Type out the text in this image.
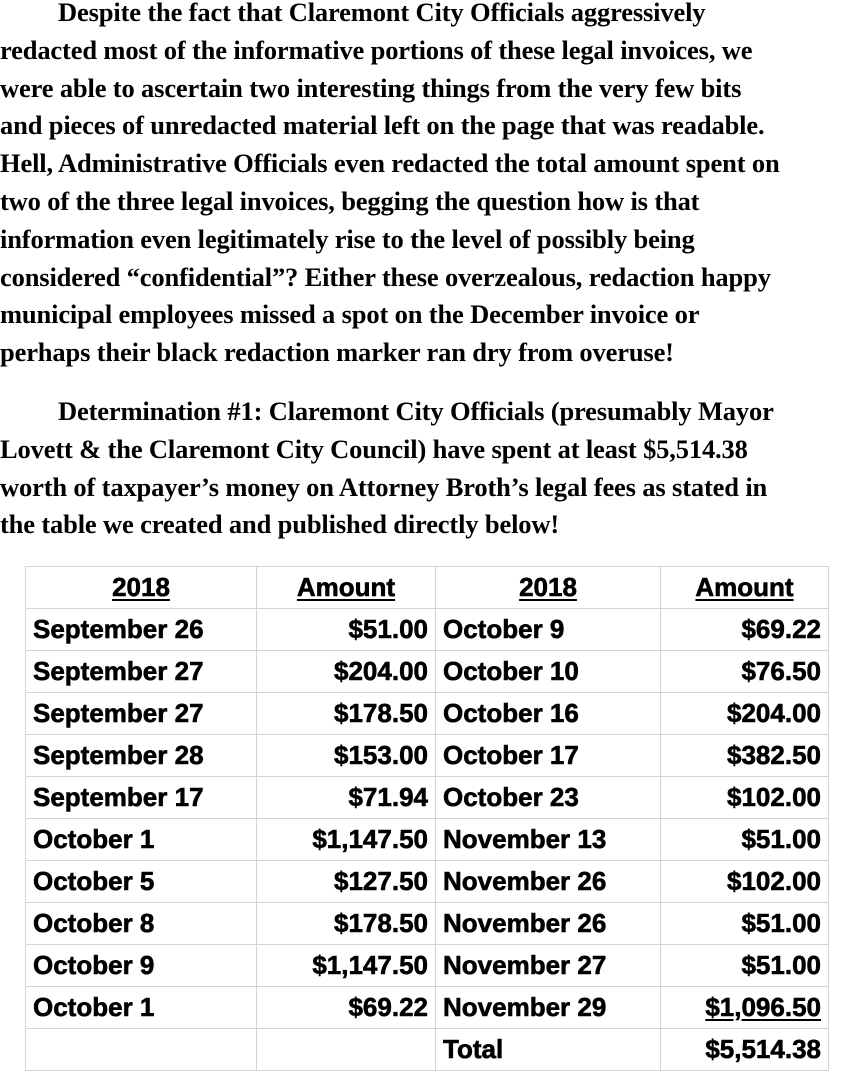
Despite the fact that Claremont City Officials aggressively
redacted most of the informative portions of these legal invoices, we
were able to ascertain two interesting things from the very few bits
and pieces of unredacted material left on the page that was readable.
Hell, Administrative Officials even redacted the total amount spent on
two of the three legal invoices, begging the question how is that
information even legitimately rise to the level of possibly being
considered “confidential”? Either these overzealous, redaction happy
municipal employees missed a spot on the December invoice or
perhaps their black redaction marker ran dry from overuse!

Determination #1: Claremont City Officials (presumably Mayor
Lovett & the Claremont City Council) have spent at least $5,514.38
worth of taxpayer’s money on Attorney Broth’s legal fees as stated in
the table we created and published directly below!

2018	Amount	2018	Amount
September 26	$51.00	October 9	$69.22
September 27	$204.00	October 10	$76.50
September 27	$178.50	October 16	$204.00
September 28	$153.00	October 17	$382.50
September 17	$71.94	October 23	$102.00
October 1	$1,147.50	November 13	$51.00
October 5	$127.50	November 26	$102.00
October 8	$178.50	November 26	$51.00
October 9	$1,147.50	November 27	$51.00
October 1	$69.22	November 29	$1,096.50
		Total	$5,514.38
